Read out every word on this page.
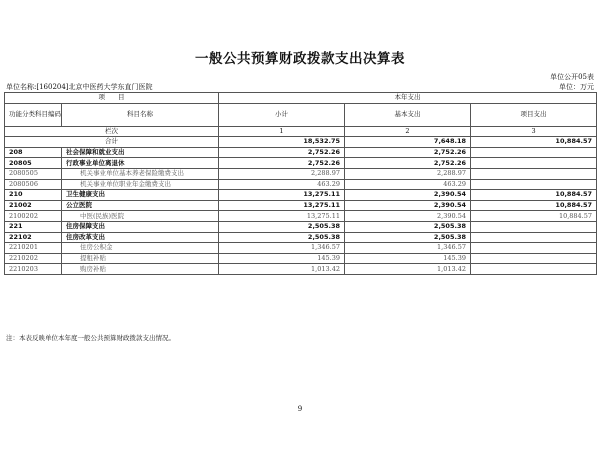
一般公共预算财政拨款支出决算表
单位公开05表
单位名称:[160204]北京中医药大学东直门医院	单位：万元
项　　目		本年支出		
功能分类科目编码	科目名称	小计	基本支出	项目支出
栏次		1	2	3
合计		18,532.75	7,648.18	10,884.57
208	社会保障和就业支出	2,752.26	2,752.26	
20805	行政事业单位离退休	2,752.26	2,752.26	
2080505	机关事业单位基本养老保险缴费支出	2,288.97	2,288.97	
2080506	机关事业单位职业年金缴费支出	463.29	463.29	
210	卫生健康支出	13,275.11	2,390.54	10,884.57
21002	公立医院	13,275.11	2,390.54	10,884.57
2100202	中医(民族)医院	13,275.11	2,390.54	10,884.57
221	住房保障支出	2,505.38	2,505.38	
22102	住房改革支出	2,505.38	2,505.38	
2210201	住房公积金	1,346.57	1,346.57	
2210202	提租补贴	145.39	145.39	
2210203	购房补贴	1,013.42	1,013.42	
注：本表反映单位本年度一般公共预算财政拨款支出情况。
9
